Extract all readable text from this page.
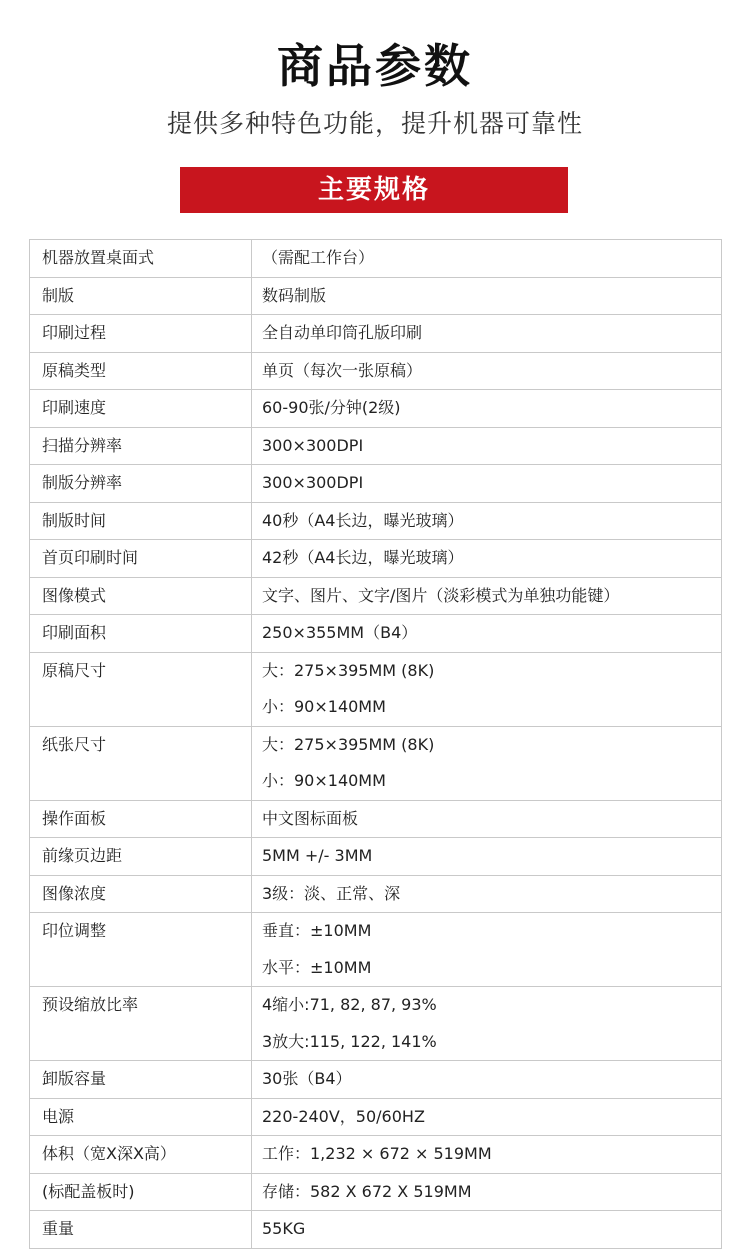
商品参数
提供多种特色功能，提升机器可靠性
主要规格
机器放置桌面式	（需配工作台）

制版	数码制版

印刷过程	全自动单印筒孔版印刷

原稿类型	单页（每次一张原稿）

印刷速度	60-90张/分钟(2级)

扫描分辨率	300×300DPI

制版分辨率	300×300DPI

制版时间	40秒（A4长边，曝光玻璃）

首页印刷时间	42秒（A4长边，曝光玻璃）

图像模式	文字、图片、文字/图片（淡彩模式为单独功能键）

印刷面积	250×355MM（B4）

原稿尺寸	大：275×395MM (8K)
小：90×140MM

纸张尺寸	大：275×395MM (8K)
小：90×140MM

操作面板	中文图标面板

前缘页边距	5MM +/- 3MM

图像浓度	3级：淡、正常、深

印位调整	垂直：±10MM
水平：±10MM

预设缩放比率	4缩小:71, 82, 87, 93%
3放大:115, 122, 141%

卸版容量	30张（B4）

电源	220-240V，50/60HZ

体积（宽X深X高）	工作：1,232 × 672 × 519MM

(标配盖板时)	存储：582 X 672 X 519MM

重量	55KG
